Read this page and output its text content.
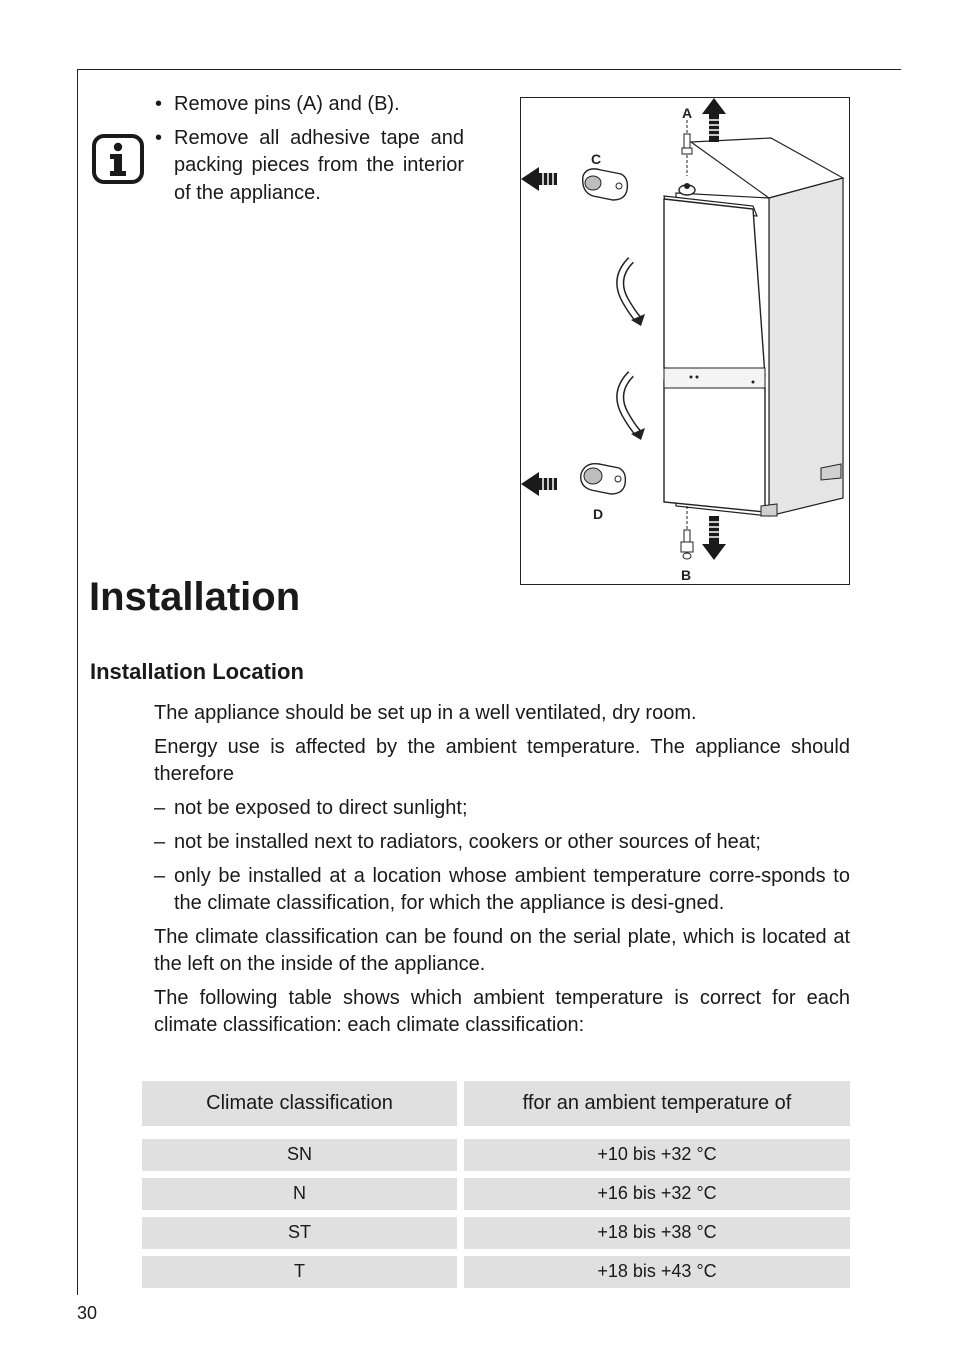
• Remove pins (A) and (B).
• Remove all adhesive tape and packing pieces from the interior of the appliance.
A
C
D
B
Installation
Installation Location

The appliance should be set up in a well ventilated, dry room.

Energy use is affected by the ambient temperature. The appliance should therefore

– not be exposed to direct sunlight;
– not be installed next to radiators, cookers or other sources of heat;
– only be installed at a location whose ambient temperature corre-sponds to the climate classification, for which the appliance is desi-gned.

The climate classification can be found on the serial plate, which is located at the left on the inside of the appliance.

The following table shows which ambient temperature is correct for each climate classification: each climate classification:

Climate classification	ffor an ambient temperature of
SN	+10 bis +32 °C
N	+16 bis +32 °C
ST	+18 bis +38 °C
T	+18 bis +43 °C
30
